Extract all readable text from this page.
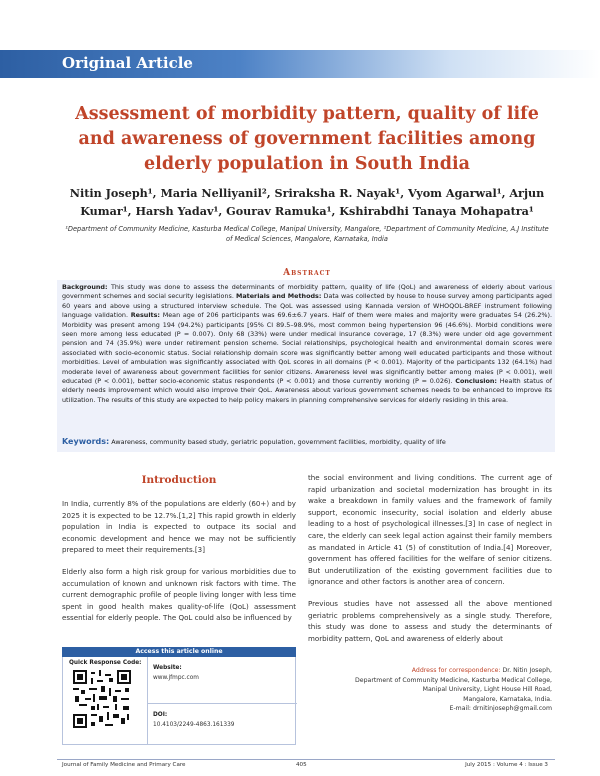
Original Article
Assessment of morbidity pattern, quality of life and awareness of government facilities among elderly population in South India
Nitin Joseph¹, Maria Nelliyanil², Sriraksha R. Nayak¹, Vyom Agarwal¹, Arjun Kumar¹, Harsh Yadav¹, Gourav Ramuka¹, Kshirabdhi Tanaya Mohapatra¹
¹Department of Community Medicine, Kasturba Medical College, Manipal University, Mangalore, ²Department of Community Medicine, A.J Institute of Medical Sciences, Mangalore, Karnataka, India
Abstract
Background: This study was done to assess the determinants of morbidity pattern, quality of life (QoL) and awareness of elderly about various government schemes and social security legislations. Materials and Methods: Data was collected by house to house survey among participants aged 60 years and above using a structured interview schedule. The QoL was assessed using Kannada version of WHOQOL-BREF instrument following language validation. Results: Mean age of 206 participants was 69.6±6.7 years. Half of them were males and majority were graduates 54 (26.2%). Morbidity was present among 194 (94.2%) participants [95% CI 89.5–98.9%, most common being hypertension 96 (46.6%). Morbid conditions were seen more among less educated (P = 0.007). Only 68 (33%) were under medical insurance coverage, 17 (8.3%) were under old age government pension and 74 (35.9%) were under retirement pension scheme. Social relationships, psychological health and environmental domain scores were associated with socio-economic status. Social relationship domain score was significantly better among well educated participants and those without morbidities. Level of ambulation was significantly associated with QoL scores in all domains (P < 0.001). Majority of the participants 132 (64.1%) had moderate level of awareness about government facilities for senior citizens. Awareness level was significantly better among males (P < 0.001), well educated (P < 0.001), better socio-economic status respondents (P < 0.001) and those currently working (P = 0.026). Conclusion: Health status of elderly needs improvement which would also improve their QoL. Awareness about various government schemes needs to be enhanced to improve its utilization. The results of this study are expected to help policy makers in planning comprehensive services for elderly residing in this area.
Keywords: Awareness, community based study, geriatric population, government facilities, morbidity, quality of life
Introduction

In India, currently 8% of the populations are elderly (60+) and by 2025 it is expected to be 12.7%.[1,2] This rapid growth in elderly population in India is expected to outpace its social and economic development and hence we may not be sufficiently prepared to meet their requirements.[3]

Elderly also form a high risk group for various morbidities due to accumulation of known and unknown risk factors with time. The current demographic profile of people living longer with less time spent in good health makes quality-of-life (QoL) assessment essential for elderly people. The QoL could also be influenced by

the social environment and living conditions. The current age of rapid urbanization and societal modernization has brought in its wake a breakdown in family values and the framework of family support, economic insecurity, social isolation and elderly abuse leading to a host of psychological illnesses.[3] In case of neglect in care, the elderly can seek legal action against their family members as mandated in Article 41 (5) of constitution of India.[4] Moreover, government has offered facilities for the welfare of senior citizens. But underutilization of the existing government facilities due to ignorance and other factors is another area of concern.

Previous studies have not assessed all the above mentioned geriatric problems comprehensively as a single study. Therefore, this study was done to assess and study the determinants of morbidity pattern, QoL and awareness of elderly about

Access this article online
Quick Response Code:
Website:
www.jfmpc.com
DOI:
10.4103/2249-4863.161339
Address for correspondence: Dr. Nitin Joseph,
Department of Community Medicine, Kasturba Medical College,
Manipal University, Light House Hill Road,
Mangalore, Karnataka, India.
E-mail: drnitinjoseph@gmail.com
Journal of Family Medicine and Primary Care	405	July 2015 : Volume 4 : Issue 3
